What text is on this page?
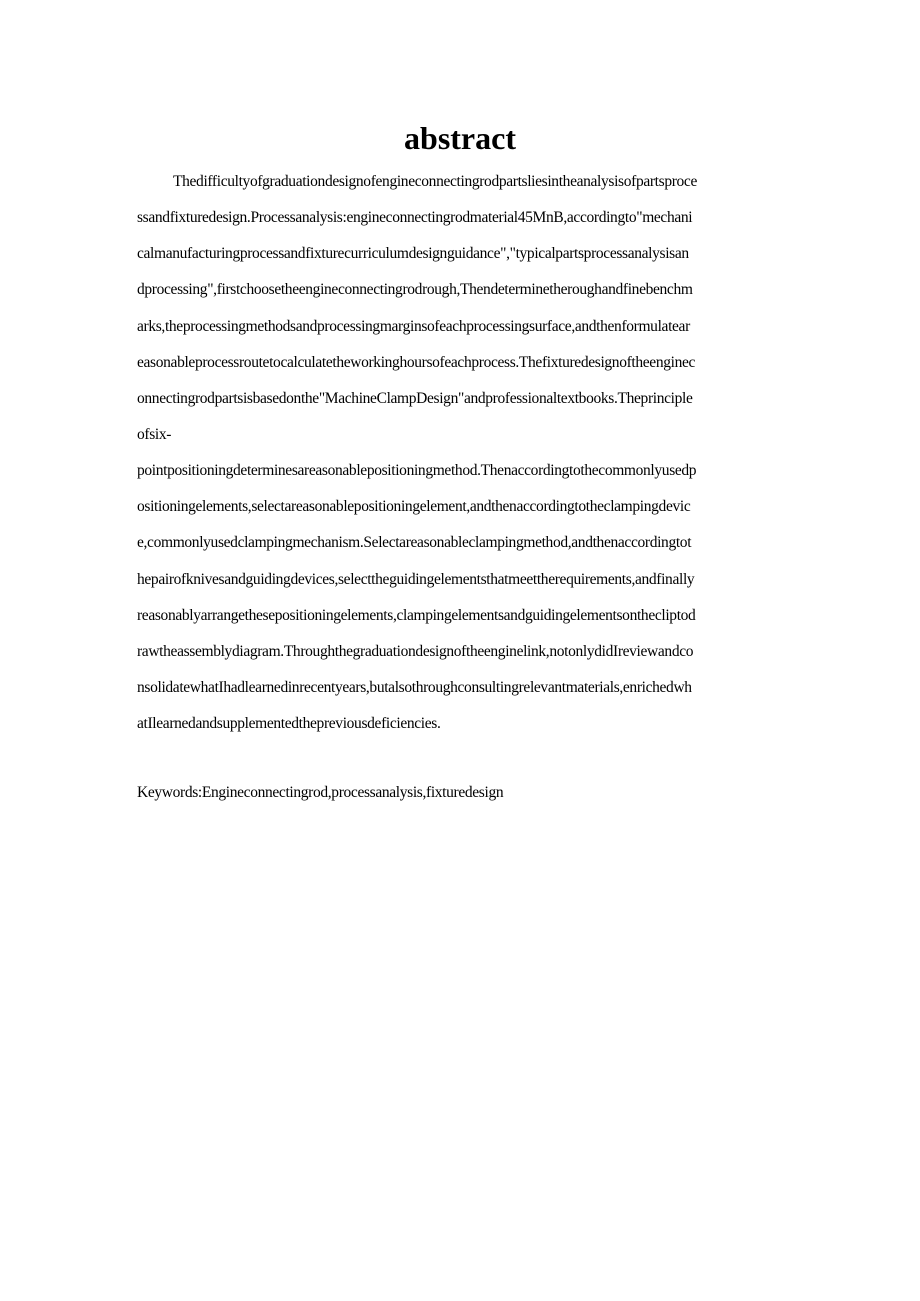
abstract
Thedifficultyofgraduationdesignofengineconnectingrodpartsliesintheanalysisofpartsproce
ssandfixturedesign.Processanalysis:engineconnectingrodmaterial45MnB,accordingto"mechani
calmanufacturingprocessandfixturecurriculumdesignguidance","typicalpartsprocessanalysisan
dprocessing",firstchoosetheengineconnectingrodrough,Thendeterminetheroughandfinebenchm
arks,theprocessingmethodsandprocessingmarginsofeachprocessingsurface,andthenformulatear
easonableprocessroutetocalculatetheworkinghoursofeachprocess.Thefixturedesignoftheenginec
onnectingrodpartsisbasedonthe"MachineClampDesign"andprofessionaltextbooks.Theprinciple
ofsix-
pointpositioningdeterminesareasonablepositioningmethod.Thenaccordingtothecommonlyusedp
ositioningelements,selectareasonablepositioningelement,andthenaccordingtotheclampingdevic
e,commonlyusedclampingmechanism.Selectareasonableclampingmethod,andthenaccordingtot
hepairofknivesandguidingdevices,selecttheguidingelementsthatmeettherequirements,andfinally
reasonablyarrangethesepositioningelements,clampingelementsandguidingelementsonthecliptod
rawtheassemblydiagram.Throughthegraduationdesignoftheenginelink,notonlydidIreviewandco
nsolidatewhatIhadlearnedinrecentyears,butalsothroughconsultingrelevantmaterials,enrichedwh
atIlearnedandsupplementedthepreviousdeficiencies.
Keywords:Engineconnectingrod,processanalysis,fixturedesign
